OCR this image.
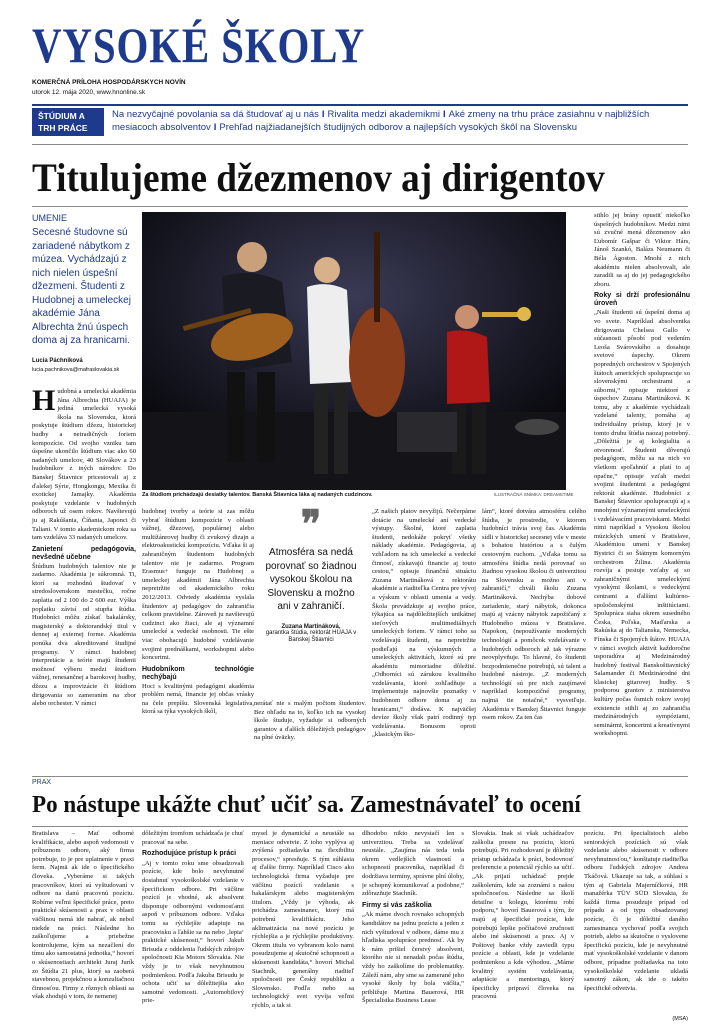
VYSOKÉ ŠKOLY
KOMERČNÁ PRÍLOHA HOSPODÁRSKYCH NOVÍN
utorok 12. mája 2020, www.hnonline.sk
ŠTÚDIUM A TRH PRÁCE
Na nezvyčajné povolania sa dá študovať aj u nás I Rivalita medzi akademikmi I Aké zmeny na trhu práce zasiahnu v najbližších mesiacoch absolventov I Prehľad najžiadanejších študijných odborov a najlepších vysokých škôl na Slovensku
Titulujeme džezmenov aj dirigentov
UMENIE
Secesné študovne sú zariadené nábytkom z múzea. Vychádzajú z nich nielen úspešní džezmeni. Študenti z Hudobnej a umeleckej akadémie Jána Albrechta žnú úspech doma aj za hranicami.
Lucia Páchniková
lucia.pachnikova@mafraslovakia.sk
Za štúdiom prichádzajú desiatky talentov. Banská Štiavnica láka aj nadaných cudzincov.	ILUSTRAČNÁ SNÍMKA: DREAMSTIME

Hudobná a umelecká akadémia Jána Albrechta (HUAJA) je jediná umelecká vysoká škola na Slovensku, ktorá poskytuje štúdium džezu, historickej hudby a netradičných foriem kompozície. Od svojho vzniku tam úspešne ukončilo štúdium viac ako 60 nadaných umelcov, 40 Slovákov a 23 hudobníkov z iných národov. Do Banskej Štiavnice pricestovali aj z ďalekej Sýrie, Hongkongu, Mexika či exotickej Jamajky. Akadémia poskytuje vzdelanie v hudobných odboroch už osem rokov. Navštevujú ju aj Rakúšania, Číňania, Japonci či Taliani. V tomto akademickom roku sa tam vzdeláva 33 nadaných umelcov.

Zanietení pedagógovia, nevšedné učebne

Štúdium hudobných talentov nie je zadarmo. Akadémia je súkromná. Ti, ktorí sa rozhodnú študovať v stredoslovenskom mestečku, ročne zaplatia od 2 100 do 2 600 eur. Výška poplatku závisí od stupňa štúdia. Hudobníci môžu získať bakalársky, magisterský a doktorandský titul v dennej aj externej forme. Akadémia ponúka dva akreditované študijné programy. V rámci hudobnej interpretácie a teórie majú študenti možnosť výberu medzi štúdiom vážnej, renesančnej a barokovej hudby, džezu a improvizácie či štúdiom dirigovania so zameraním na zbor alebo orchester. V rámci

hudobnej tvorby a teórie si zas môžu vybrať štúdium kompozície v oblasti vážnej, džezovej, populárnej alebo multižánrovej hudby či zvukový dizajn a elektroakustickú kompozíciu. Vďaka ši aj zahraničným študentom hudobných talentov nie je zadarmo. Program Erasmus+ funguje na Hudobnej a umeleckej akadémii Jána Albrechta nepretržite od akademického roku 2012/2013. Odvtedy akadémia vyslala študentov aj pedagógov do zahraničia celkom pravidelne. Zároveň ju navštevujú cudzinci ako žiaci, ale aj významní umelecké a vedecké osobnosti. Tie ešte viac obohacujú hudobné vzdelávanie svojimi prednáškami, workshopmi alebo koncertmi.

Hudobníkom technológie nechýbajú

Hoci s kvalitnými pedagógmi akadémia problém nemá, financie jej občas vrásky na čele prepíšu. Slovenská legislatíva, ktorá sa týka vysokých škôl,

❞
Atmosféra sa nedá porovnať so žiadnou vysokou školou na Slovensku a možno ani v zahraničí.
Zuzana Martináková,
garantka štúdia, rektorát HUAJA v Banskej Štiavnici

nerátať nie s malým počtom študentov. Bez ohľadu na to, koľko ich na vysokej škole študuje, vyžaduje si odborných garantov a ďalších dôležitých pedagógov na plné úväzky.

„Z našich platov nevyžijú. Nečerpáme dotácie na umelecké aní vedecké výstupy. Školné, ktoré zaplatia študenti, nedokáže pokryť všetky náklady akadémie. Pedagógovia, aj vzhľadom na ich umelecké a vedecké činnosť, získavajú financie aj touto cestou,“ opisuje finančnú situáciu Zuzana Martináková z rektorátu akadémie a riaditeľka Centra pre vývoj a výskum v oblasti umenia a vedy. Škola prevádzkuje aj svojho práce, týkajúca sa najdôležitejších unikátnej sieťových multimediálnych umeleckých foriem. V rámci toho sa vzdelávajú študenti, na nepretržite podieľajú na výskumných a umeleckých aktivitách, ktoré sú pre akadémiu mimoriadne dôležité. „Odborníci sú zárukou kvalitného vzdelávania, ktoré zohľadňuje a implementuje najnovšie poznatky v hudobnom odbore doma aj za hranicami,“ dodáva. K najväčšej devíze školy však patrí rodinný typ vzdelávania. Bonusom oproti „klasickým ško-

lám“, ktoré dotvára atmosféru celého štúdia, je prostredie, v ktorom hudobníci trávia svoj čas. Akadémia sídli v historickej secesnej vile v meste s bohatou históriou a s čulým cestovným ruchom. „Vďaka tomu sa atmosféra štúdia nedá porovnať so žiadnou vysokou školou či univerzitou na Slovensku a možno ani v zahraničí,“ chváli školu Zuzana Martináková. Nechýba dobové zariadenie, starý nábytok, dokonca majú aj vzácny nábytok zapožičaný z Hudobného múzea v Bratislave. Napokon, (nepoužívanie moderných technológií a pomôcok vzdelávanie v hudobných odboroch až tak výrazne neovplyvňuje. To hlavné, čo študenti bezpodmienečne potrebujú, sú talent a hudobné nástroje. „Z moderných technológií sú pre nich zaujímavé napríklad kompozičné programy, najmä tie notačné,“ vysvetľuje. Akadémia v Banskej Štiavnici funguje osem rokov. Za ten čas

stihlo jej brány opustiť niekoľko úspešných hudobníkov. Medzi nimi sú zvučné mená džezmenov ako Ľubomír Gašpar či Viktor Hárs, Jánoš Szankó, Balázs Neumann či Béla Ágoston. Mnohí z nich akadémiu nielen absolvovali, ale zaradili sa aj do jej pedagogického zboru.

Roky si drží profesionálnu úroveň

„Naši študenti sú úspešní doma aj vo svete. Napríklad absolventka dirigovania Chelsea Gallo v súčasnosti pôsobí pod vedením Leoša Svárovského a dosahuje svetové úspechy. Okrem popredných orchestrov v Spojených štátoch amerických spolupracuje so slovenskými orchestrami a súbormi,“ opisuje niektoré z úspechov Zuzana Martináková. K tomu, aby z akadémie vychádzali vzdelané talenty, pomáha aj individuálny prístup, ktorý je v tomto druhu štúdia naozaj potrebný. „Dôležitá je aj kolegialita a otvorenosť. Študenti dôverujú pedagógom, môžu sa na nich vo všetkom spoľahnúť a platí to aj opačne,“ opisuje vzťah medzi svojimi študentmi a pedagógmi rektorát akadémie. Hudobníci z Banskej Štiavnice spolupracujú aj s mnohými významnými umeleckými i vzdelávacími pracoviskami. Medzi nimi napríklad s Vysokou školou múzických umení v Bratislave, Akadémiou umení v Banskej Bystrici či so Štátnym komorným orchestrom Žilina. Akadémia rozvíja a pestuje vzťahy aj so zahraničnými umeleckými vysokými školami, s vedeckými centrami a ďalšími kultúrno-spoločenskými inštitúciami. Spolupráca siaha okrem susedného Česka, Poľska, Maďarska a Rakúska aj do Talianska, Nemecka, Fínska či Spojených štátov. HUAJA v rámci svojich aktivít každoročne usporadúva aj Medzinárodný hudobný festival Banskoštiavnický Salamander či Medzinárodné dni klasickej gitarovej hudby. S podporou grantov z ministerstva kultúry počas ôsmich rokov svojej existencie stihli aj zo zahraničia medzinárodných sympóziami, seminármi, koncertmi a kreatívnymi workshopmi.

PRAX
Po nástupe ukážte chuť učiť sa. Zamestnávateľ to ocení

Bratislava – Mať odborné kvalifikácie, alebo aspoň vedomosti v príbuznom odbore, aký firma potrebuje, to je pre uplatnenie v praxi ferm. Najmä ak ide o špecifického človeka. „Vyberáme si takých pracovníkov, ktorí sú vyštudovaní v odbore na danú pracovnú pozíciu. Robíme veľmi špecifické práce, preto praktické skúsenosti a prax v oblasti väčšinou nemá ide nabrať, ak nebol niekde na práci. Následne ho zaškoľujeme a priebežne kontrolujeme, kým sa nezačlení do tímu ako samostatná jednotka,“ hovorí o skúsenostiach architekt Juraj Jurík zo Štúdia 21 plus, ktorý sa zaoberá stavebnou, projekčnou a konzultačnou činnosťou. Firmy z rôznych oblastí sa však zhodujú v tom, že nemenej

dôležitým tromfom uchádzača je chuť pracovať na sebe.

Rozhodujúce prístup k práci

„Aj v tomto roku sme obsadzovali pozície, kde bolo nevyhnutné dosiahnuť vysokoškolské vzdelanie v špecifickom odbore. Pri väčšine pozícií je vhodné, ak absolvent disponuje odbornými vedomosťami aspoň v príbuznom odbore. Vďaka tomu sa rýchlejšie adaptuje na pracovisku a ľahšie sa na nebo ‚lepia‘ praktické skúsenosti,“ hovorí Jakub Brisuda z oddelenia ľudských zdrojov spoločnosti Kia Motors Slovakia. Nie vždy je to však nevyhnutnou podmienkou. Podľa Jakuba Brisudu je ochota učiť sa dôležitejšia ako samotné vedomosti. „Automobilový prie-

mysel je dynamické a neustále sa meniace odvetvie. Z toho vyplýva aj zvýšená požiadavka na flexibilitu procesov,“ spresňuje. S tým súhlasia aj ďalšie firmy. Napríklad Cisco ako technologická firma vyžaduje pre väčšinu pozícií vzdelanie s bakalárskym alebo magisterským titulom. „Vždy je výhoda, ak prichádza zamestnanec, ktorý má potrebnú kvalifikáciu. Jeho aklimatizácia na nové pozíciu je rýchlejšia a je rýchlejšie produktívny. Okrem titulu vo vybranom kolo nami posudzujeme aj skutočné schopnosti a skúsenosti kandidáta,“ hovorí Michal Stachník, generálny riaditeľ spoločnosti pre Český republiku a Slovensko. Podľa neho sa technologický svet vyvíja veľmi rýchlo, a tak si

dlhodobo nikto nevystačí len s univerzitou. Treba sa vzdelávať neustále. „Zaujíma nás teda teda okrem vedlejších vlastností a schopností pracovníka, napríklad či dodržiava termíny, správne plní úlohy, je schopný komunikovať a podobne,“ zdôrazňuje Stachník.

Firmy si vás zaškolia

„Ak máme dvoch rovnako schopných kandidátov na jednu pozíciu a jeden z nich vyštudoval v odbore, dáme mu z hľadiska spolupráce prednosť. Ak by k nám prišiel čerstvý absolvent, ktorého nie si nenadali počas štúdia, vždy ho zaškolíme do problematiky. Záleží nám, aby sme sa zamerané jeho vysoké školy by bola väčšia,“ približuje Martina Bauerová, HR Špecialistka Business Lease

Slovakia. Inak si však uchádzačov zaškolia presne na pozíciu, ktorú potrebujú. Pri rozhodovaní je dôležitý prístup uchádzača k práci, bodovnosť preferencie a potenciál rýchlo sa učiť. „Ak prijatí uchádzač prejde zaškolením, kde sa zoznámi s našou spoločnosťou. Následne sa školí detailne u kolegu, ktorému robí podporu,“ hovorí Bauerová s tým, že majú aj špecifické pozície, kde potrebujú lepšie počítačové zručnosti alebo iné skúsenosti a prax. Aj v Poštovej banke vždy zaviedli typu pozície a oblasti, kde je vzdelanie podmienkou a kde výhodou. „Máme kvalitný systém vzdelávania, adaptácie a mentoringu, ktorý špecificky pripraví človeka na pracovnú

pozíciu. Pri špecialistoch alebo seniorských pozíciách sú však vzdelanie alebo skúsenosti v odbore nevyhnutnosťou,“ konštatuje riaditeľka odboru ľudských zdrojov Andrea Tkáčová. Ukazuje sa tak, a súhlasí s tým aj Gabriela Majerníčková, HR manažérka TÜV SÜD Slovakia, že každá firma posudzuje prípad od prípadu a od typu obsadzovanej pozície, či je dôležité daného zamestnanca vychovať podľa svojich potrieb, alebo sa skutočne o vyslovene špecifickú pozíciu, kde je nevyhnutné mať vysokoškolské vzdelanie v danom odbore, prípadne požiadavka na toto vysokoškolské vzdelanie ukladá samotný zákon, ak ide o takéto špecifické odvetvia.

(MSA)
